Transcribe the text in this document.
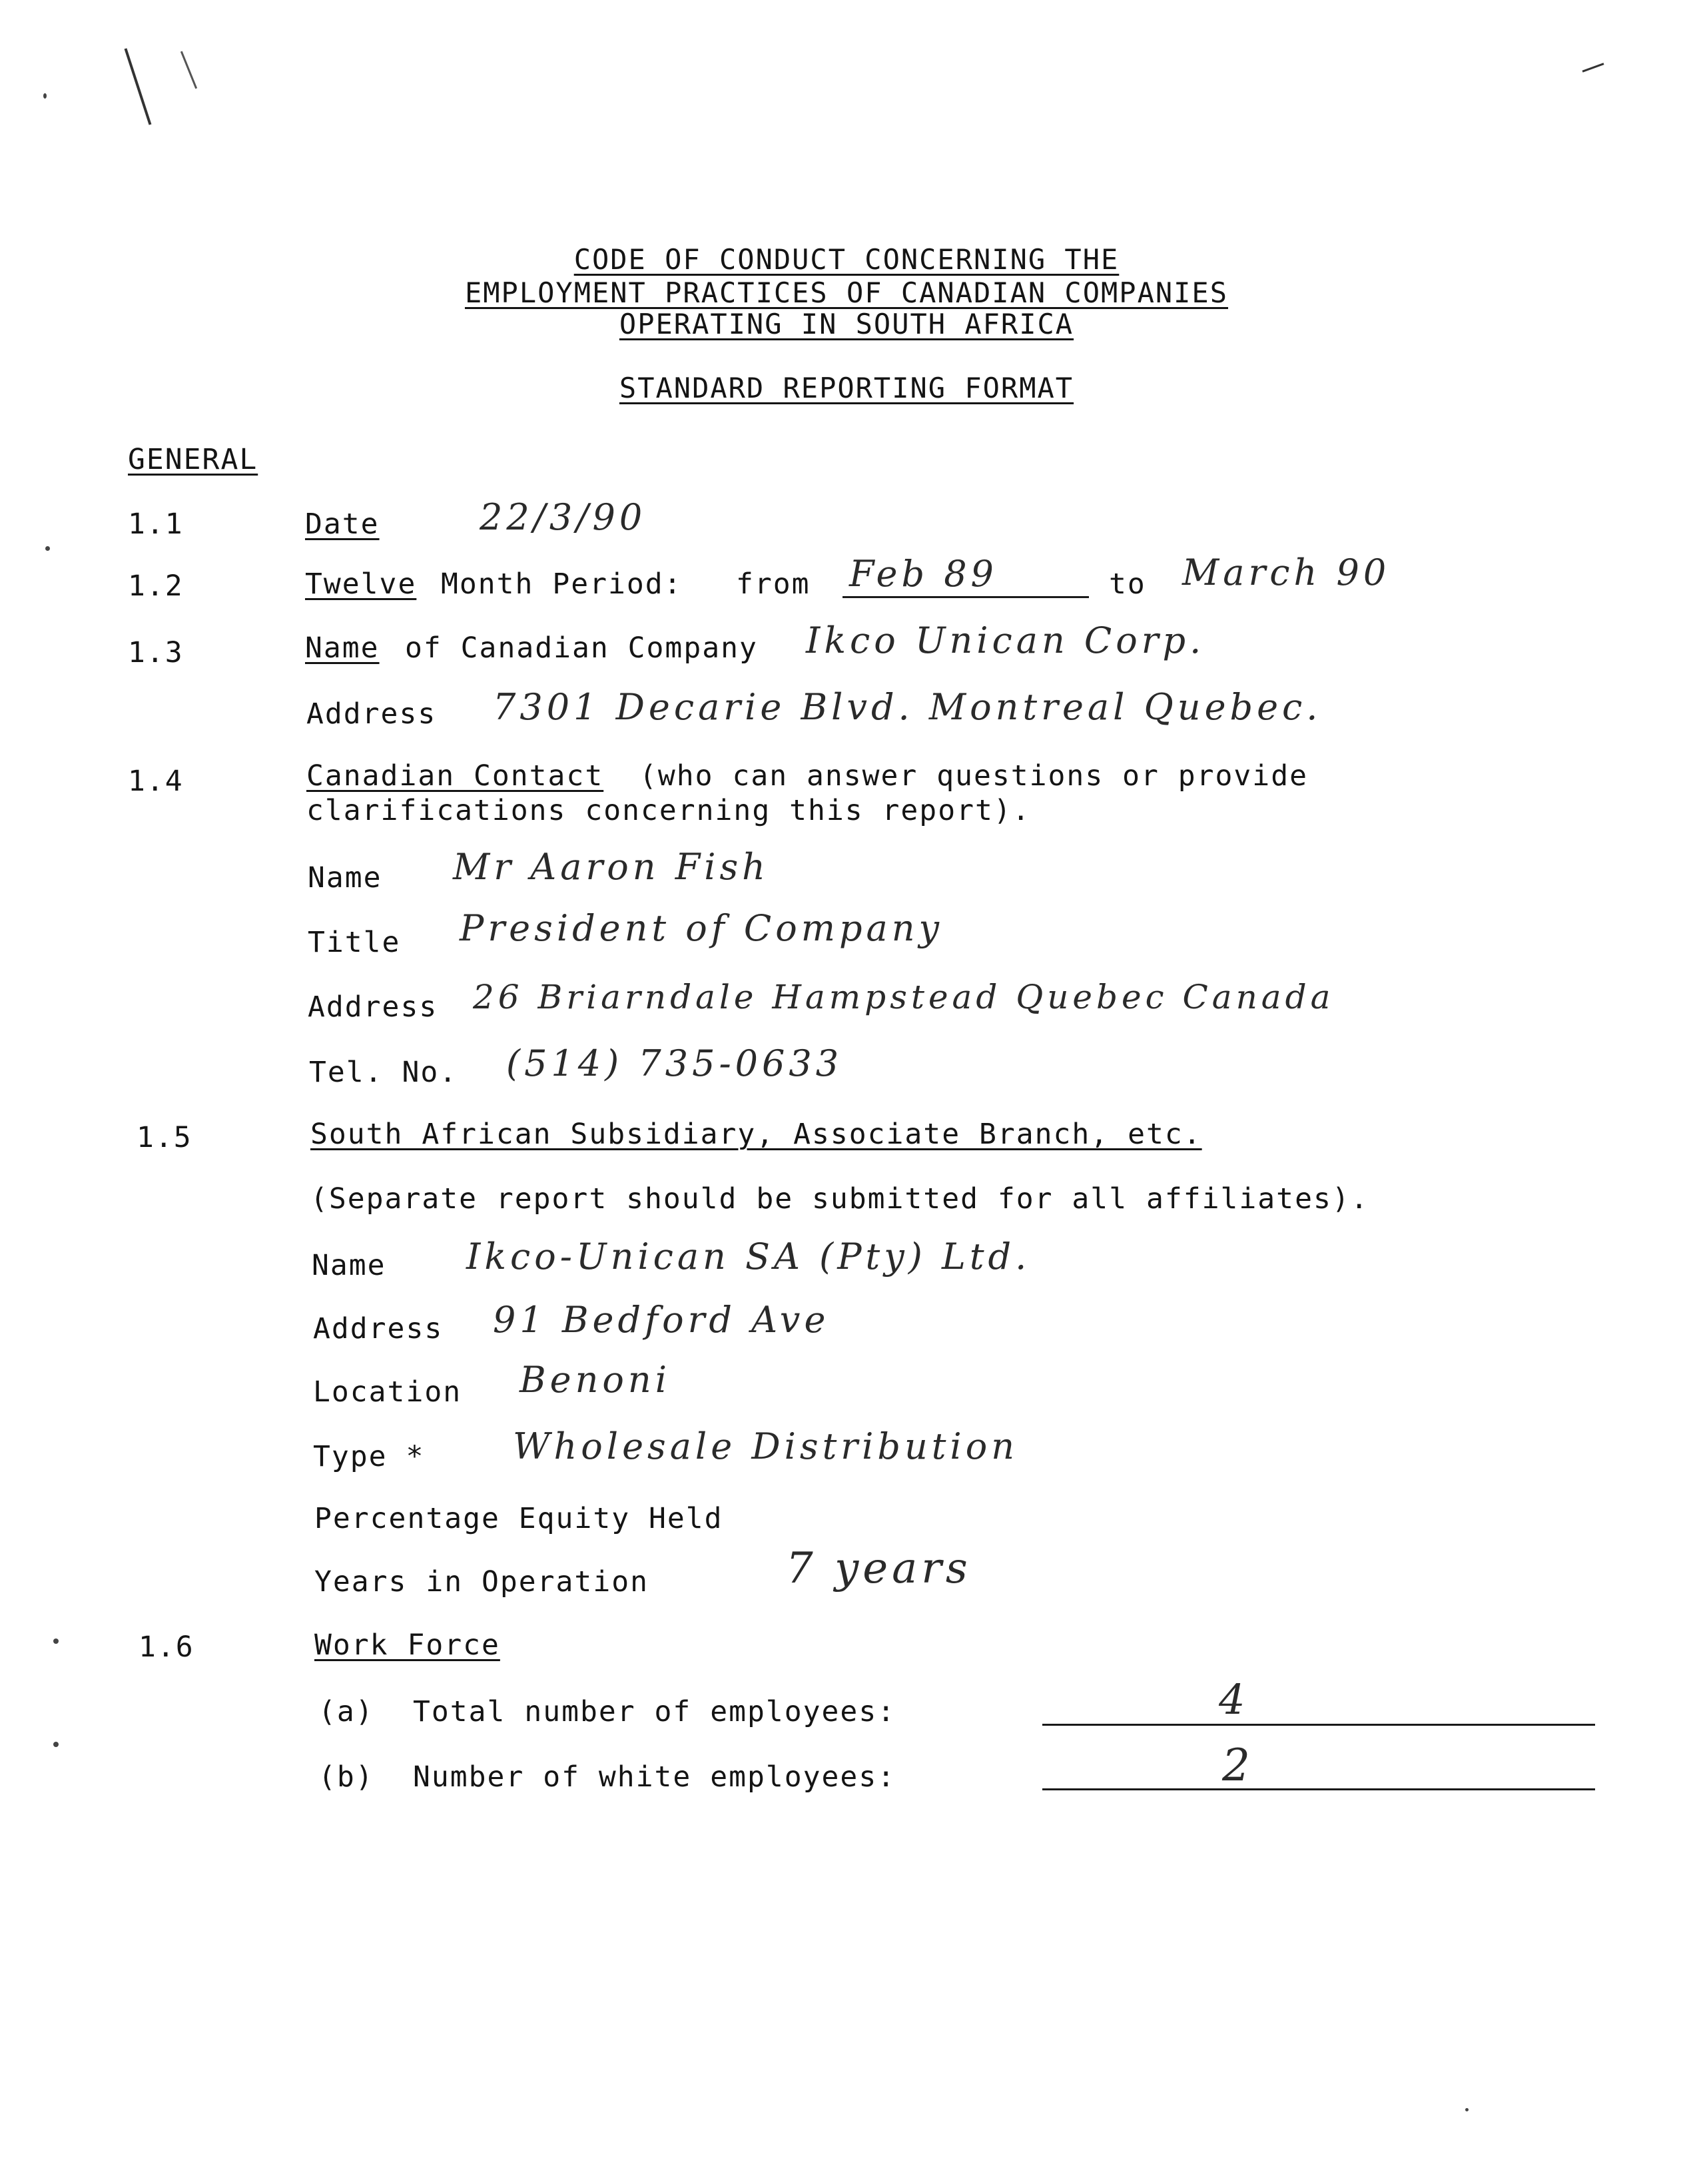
CODE OF CONDUCT CONCERNING THE
EMPLOYMENT PRACTICES OF CANADIAN COMPANIES
OPERATING IN SOUTH AFRICA
STANDARD REPORTING FORMAT
GENERAL
1.1	Date	22/3/90
1.2	Twelve Month Period: from Feb 89	to March 90
1.3	Name of Canadian Company Ikco Unican Corp.
Address 7301 Decarie Blvd. Montreal Quebec.
1.4	Canadian Contact (who can answer questions or provide
clarifications concerning this report).
Name Mr Aaron Fish
Title President of Company
Address 26 Briarndale Hampstead Quebec Canada
Tel. No. (514) 735-0633
1.5	South African Subsidiary, Associate Branch, etc.
(Separate report should be submitted for all affiliates).
Name Ikco-Unican SA (Pty) Ltd.
Address 91 Bedford Ave
Location Benoni
Type * Wholesale Distribution
Percentage Equity Held
Years in Operation	7 years
1.6	Work Force
(a) Total number of employees:	4
(b) Number of white employees:	2
